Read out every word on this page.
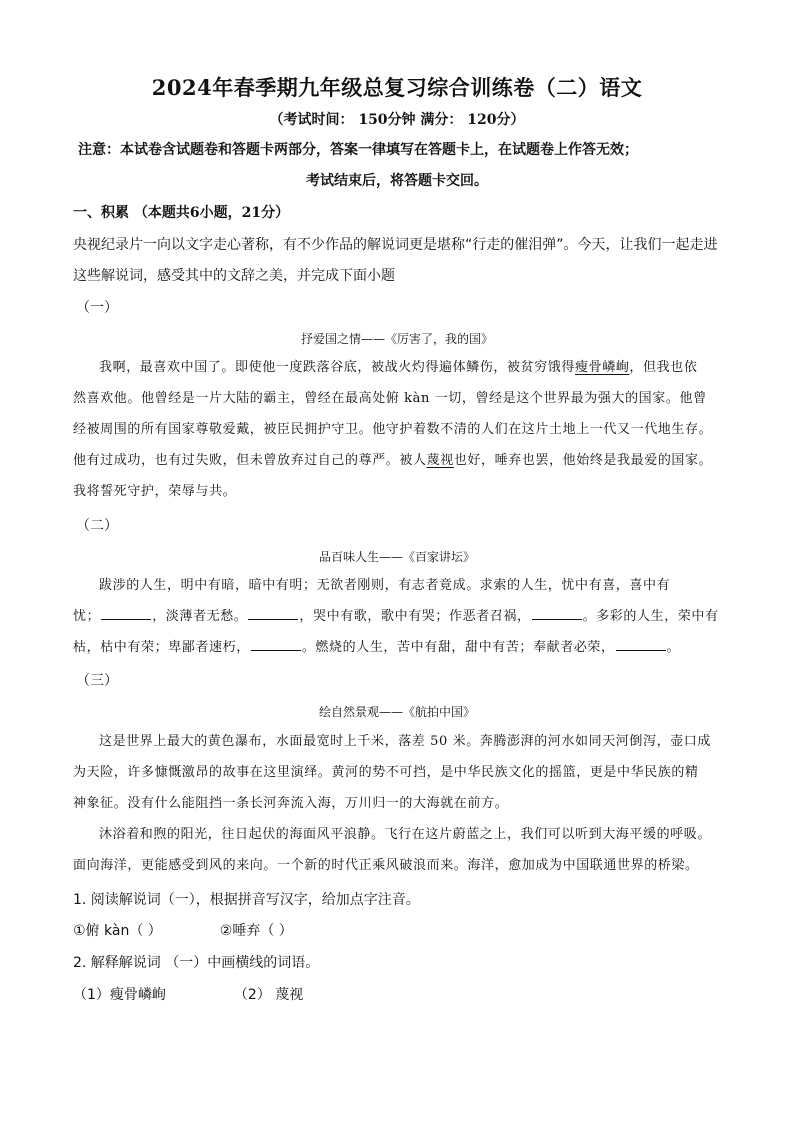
2024年春季期九年级总复习综合训练卷（二）语文
（考试时间： 150分钟 满分： 120分）
注意：本试卷含试题卷和答题卡两部分，答案一律填写在答题卡上，在试题卷上作答无效；
考试结束后，将答题卡交回。
一、积累 （本题共6小题，21分）
央视纪录片一向以文字走心著称，有不少作品的解说词更是堪称“行走的催泪弹”。今天，让我们一起走进
这些解说词，感受其中的文辞之美，并完成下面小题
（一）
抒爱国之情——《厉害了，我的国》
我啊，最喜欢中国了。即使他一度跌落谷底，被战火灼得遍体鳞伤，被贫穷饿得瘦骨嶙峋，但我也依
然喜欢他。他曾经是一片大陆的霸主，曾经在最高处俯 kàn 一切，曾经是这个世界最为强大的国家。他曾
经被周围的所有国家尊敬爱戴，被臣民拥护守卫。他守护着数不清的人们在这片土地上一代又一代地生存。
他有过成功，也有过失败，但未曾放弃过自己的尊严。被人蔑视也好，唾弃也罢，他始终是我最爱的国家。
我将誓死守护，荣辱与共。
（二）
品百味人生——《百家讲坛》
跋涉的人生，明中有暗，暗中有明；无欲者刚则，有志者竟成。求索的人生，忧中有喜，喜中有
忧；	，淡薄者无愁。	，哭中有歌，歌中有哭；作恶者召祸，	。多彩的人生，荣中有
枯，枯中有荣；卑鄙者速朽，	。燃烧的人生，苦中有甜，甜中有苦；奉献者必荣，	。
（三）
绘自然景观——《航拍中国》
这是世界上最大的黄色瀑布，水面最宽时上千米，落差 50 米。奔腾澎湃的河水如同天河倒泻，壶口成
为天险，许多慷慨激昂的故事在这里演绎。黄河的势不可挡，是中华民族文化的摇篮，更是中华民族的精
神象征。没有什么能阻挡一条长河奔流入海，万川归一的大海就在前方。
沐浴着和煦的阳光，往日起伏的海面风平浪静。飞行在这片蔚蓝之上，我们可以听到大海平缓的呼吸。
面向海洋，更能感受到风的来向。一个新的时代正乘风破浪而来。海洋，愈加成为中国联通世界的桥梁。
1. 阅读解说词（一），根据拼音写汉字，给加点字注音。
①俯 kàn（ ）	②唾弃（ ）
2. 解释解说词 （一）中画横线的词语。
（1）瘦骨嶙峋	（2） 蔑视
